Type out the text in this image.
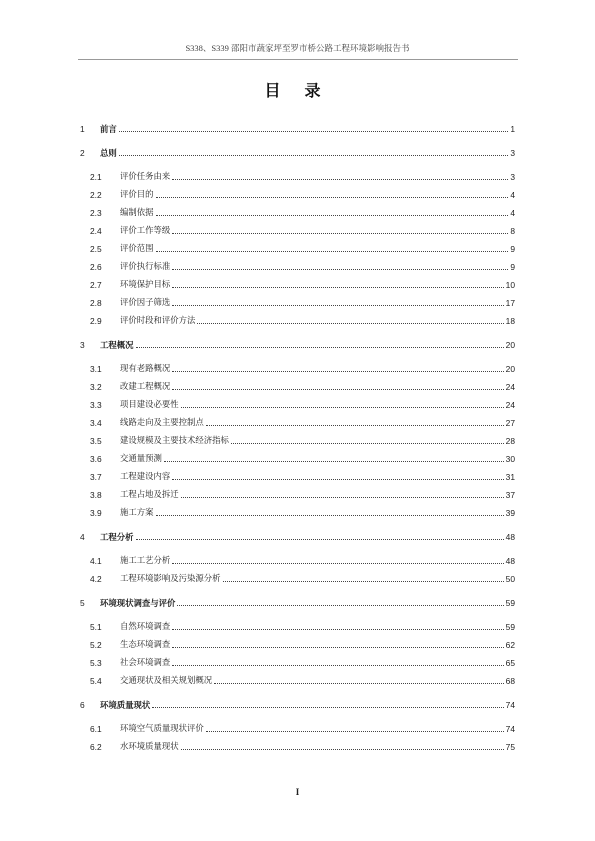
S338、S339 邵阳市蔬家坪至罗市桥公路工程环境影响报告书
目 录
1 前言	1
2 总则	3
2.1 评价任务由来	3
2.2 评价目的	4
2.3 编制依据	4
2.4 评价工作等级	8
2.5 评价范围	9
2.6 评价执行标准	9
2.7 环境保护目标	10
2.8 评价因子筛选	17
2.9 评价时段和评价方法	18
3 工程概况	20
3.1 现有老路概况	20
3.2 改建工程概况	24
3.3 项目建设必要性	24
3.4 线路走向及主要控制点	27
3.5 建设规模及主要技术经济指标	28
3.6 交通量预测	30
3.7 工程建设内容	31
3.8 工程占地及拆迁	37
3.9 施工方案	39
4 工程分析	48
4.1 施工工艺分析	48
4.2 工程环境影响及污染源分析	50
5 环境现状调查与评价	59
5.1 自然环境调查	59
5.2 生态环境调查	62
5.3 社会环境调查	65
5.4 交通现状及相关规划概况	68
6 环境质量现状	74
6.1 环境空气质量现状评价	74
6.2 水环境质量现状	75
I
